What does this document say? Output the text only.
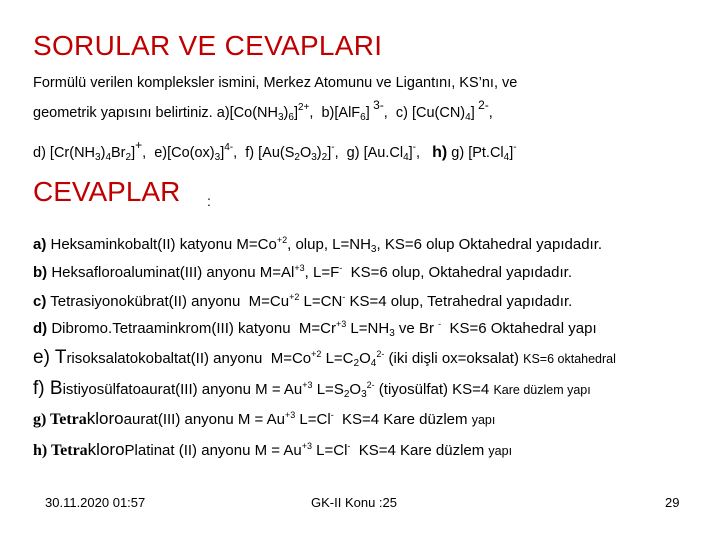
SORULAR VE CEVAPLARI
Formülü verilen kompleksler ismini, Merkez Atomunu ve Ligantını, KS’nı, ve
geometrik yapısını belirtiniz. $a)[Co(NH_3)_6]^{2+}$,  b)[AlF$_6$] $^{3-}$,  c) $[Cu(CN)_4]$ $^{2-}$,
d) $[Cr(NH_3)_4Br_2]^+$,  $e)[Co(ox)_3]^{4-}$,  f) $[Au(S_2O_3)_2]^-$,  g) $[Au.Cl_4]^-$, h) g) $[Pt.Cl_4]^-$
CEVAPLAR :
a) Heksaminkobalt(II) katyonu $M=Co^{+2}$, olup, $L=NH_3$, KS=6 olup Oktahedral yapıdadır.
b) Heksafloroaluminat(III) anyonu $M=Al^{+3}$, L=F-  KS=6 olup, Oktahedral yapıdadır.
c) Tetrasiyonokübrat(II) anyonu  $M=Cu^{+2}$ L=CN- KS=4 olup, Tetrahedral yapıdadır.
d) Dibromo.Tetraaminkrom(III) katyonu  $M=Cr^{+3}$ $L=NH_3$ ve Br -  KS=6 Oktahedral yapı
e) Trisoksalatokobaltat(II) anyonu  $M=Co^{+2}$ $L=C_2O_4^{2-}$ (iki dişli ox=oksalat) KS=6 oktahedral
f) Bistiyosülfatoaurat(III) anyonu $M = Au^{+3}$ $L=S_2O_3^{2-}$ (tiyosülfat) KS=4 Kare düzlem yapı
g) Tetrakloroaurat(III) anyonu $M = Au^{+3}$ L=Cl-  KS=4 Kare düzlem yapı
h) TetrakloroPlatinat (II) anyonu $M = Au^{+3}$ L=Cl-  KS=4 Kare düzlem yapı
30.11.2020 01:57	GK-II Konu :25	29
